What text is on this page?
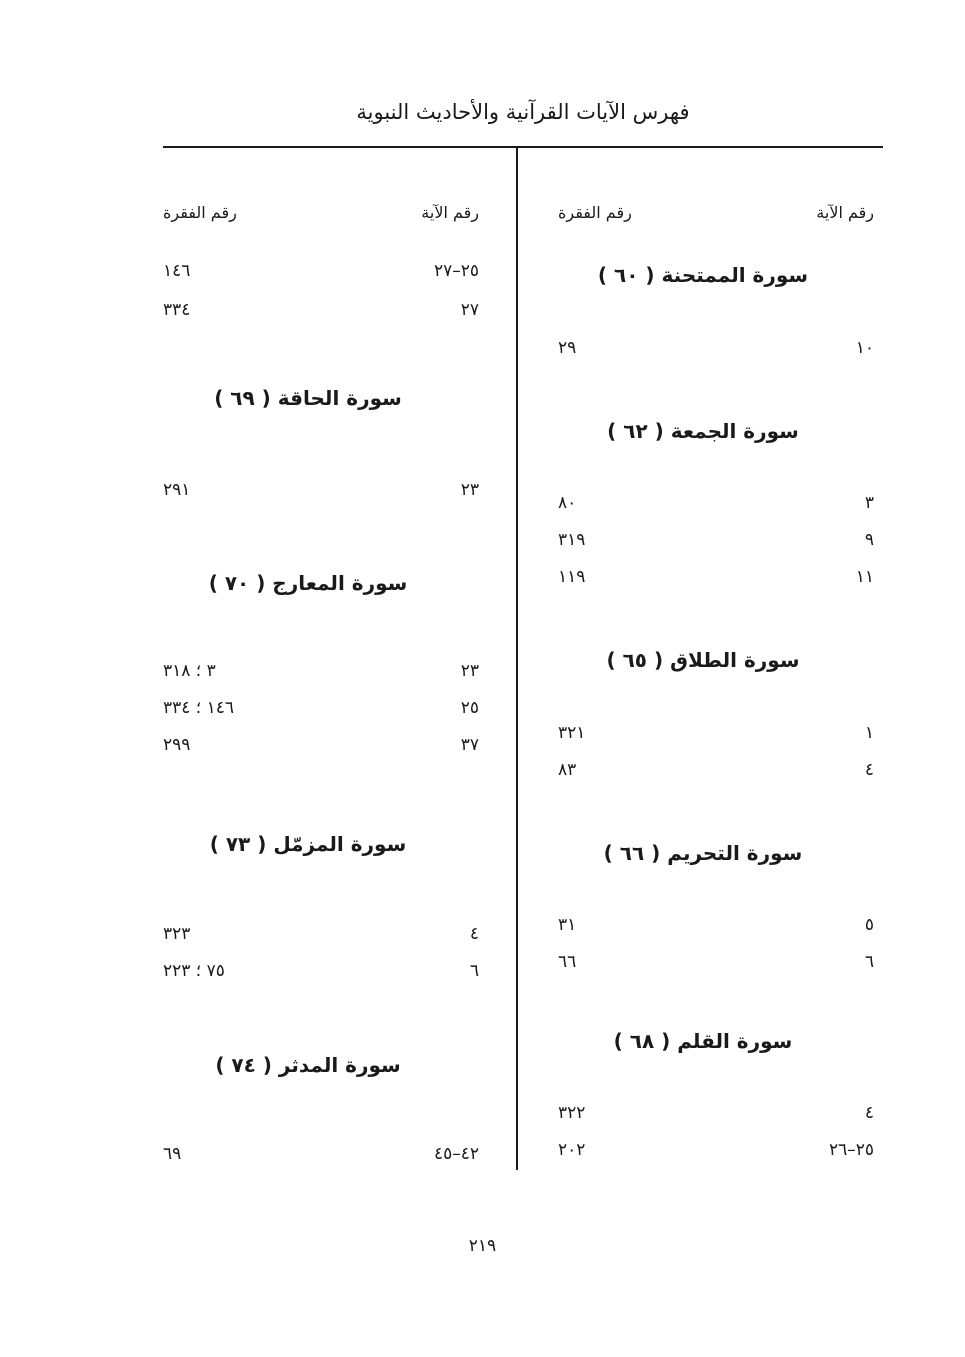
فهرس الآيات القرآنية والأحاديث النبوية
رقم الآية
رقم الفقرة
سورة الممتحنة ( ٦٠ )
١٠
٢٩
سورة الجمعة ( ٦٢ )
٣
٨٠
٩
٣١٩
١١
١١٩
سورة الطلاق ( ٦٥ )
١
٣٢١
٤
٨٣
سورة التحريم ( ٦٦ )
٥
٣١
٦
٦٦
سورة القلم ( ٦٨ )
٤
٣٢٢
٢٥–٢٦
٢٠٢
رقم الآية
رقم الفقرة
٢٥–٢٧
١٤٦
٢٧
٣٣٤
سورة الحاقة ( ٦٩ )
٢٣
٢٩١
سورة المعارج ( ٧٠ )
٢٣
٣ ؛ ٣١٨
٢٥
١٤٦ ؛ ٣٣٤
٣٧
٢٩٩
سورة المزمّل ( ٧٣ )
٤
٣٢٣
٦
٧٥ ؛ ٢٢٣
سورة المدثر ( ٧٤ )
٤٢–٤٥
٦٩
٢١٩
